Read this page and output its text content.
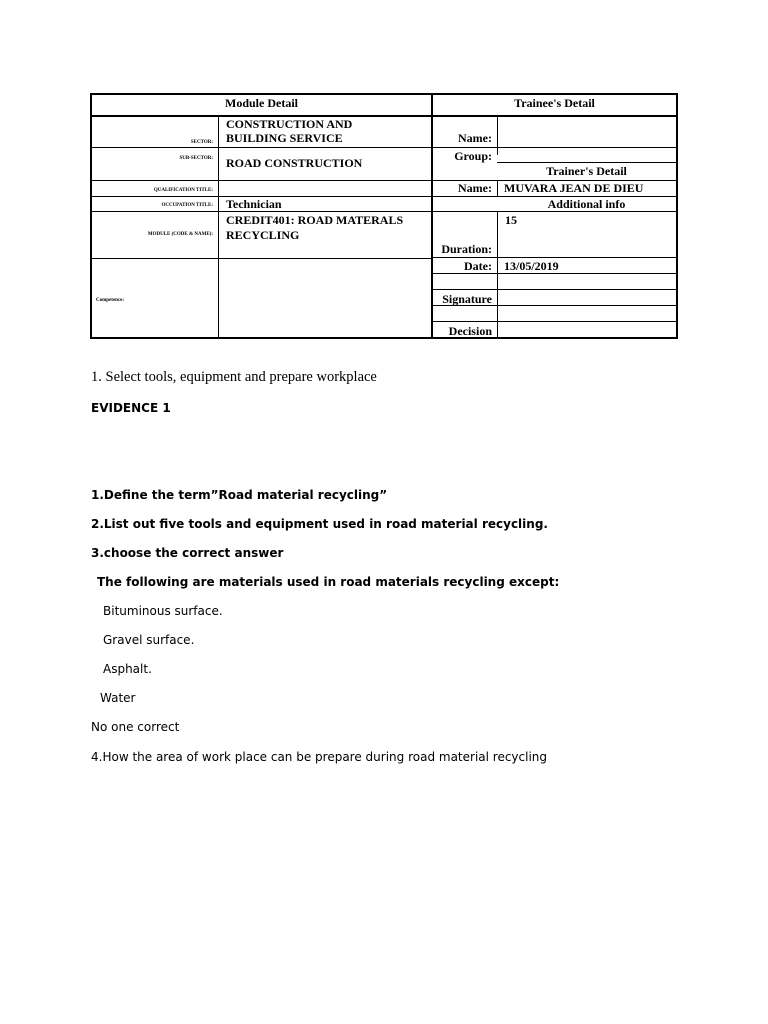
Module Detail	Trainee's Detail
SECTOR:
SUB-SECTOR:
QUALIFICATION TITLE:
OCCUPATION TITLE:
MODULE (CODE & NAME):
Competence:
CONSTRUCTION AND
BUILDING SERVICE
ROAD CONSTRUCTION
Technician
CREDIT401: ROAD MATERALS
RECYCLING
Name:
Group:
Trainer's Detail
Name: MUVARA JEAN DE DIEU
Additional info
15
Duration:
Date: 13/05/2019
Signature
Decision
1. Select tools, equipment and prepare workplace
EVIDENCE 1
1.Define the term”Road material recycling”
2.List out five tools and equipment used in road material recycling.
3.choose the correct answer
The following are materials used in road materials recycling except:
Bituminous surface.
Gravel surface.
Asphalt.
Water
No one correct
4.How the area of work place can be prepare during road material recycling
